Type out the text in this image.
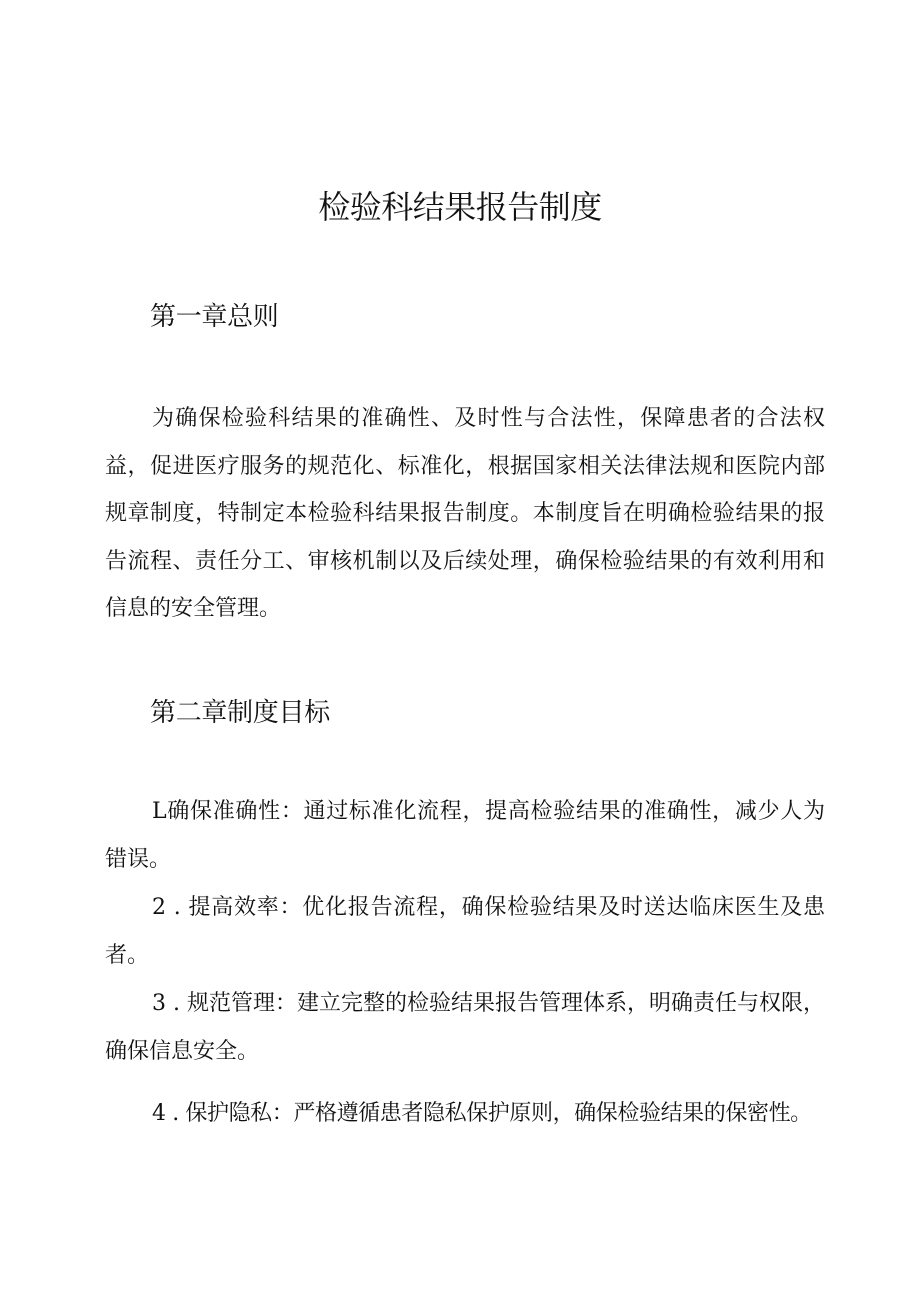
检验科结果报告制度
第一章总则

为确保检验科结果的准确性、及时性与合法性，保障患者的合法权益，促进医疗服务的规范化、标准化，根据国家相关法律法规和医院内部规章制度，特制定本检验科结果报告制度。本制度旨在明确检验结果的报告流程、责任分工、审核机制以及后续处理，确保检验结果的有效利用和信息的安全管理。

第二章制度目标

L确保准确性：通过标准化流程，提高检验结果的准确性，减少人为错误。

2 . 提高效率：优化报告流程，确保检验结果及时送达临床医生及患者。

3 . 规范管理：建立完整的检验结果报告管理体系，明确责任与权限，确保信息安全。

4 . 保护隐私：严格遵循患者隐私保护原则，确保检验结果的保密性。
